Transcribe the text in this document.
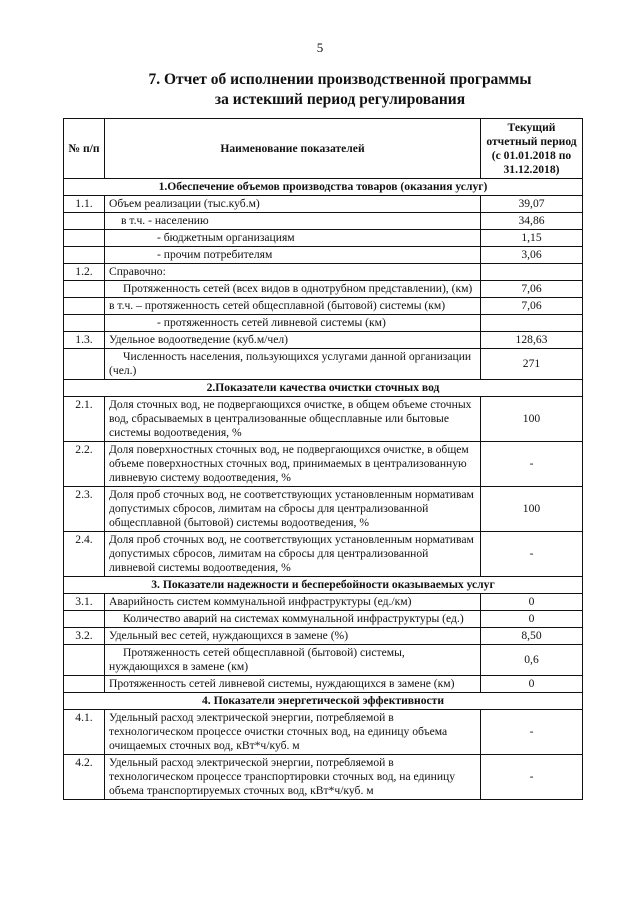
5
7. Отчет об исполнении производственной программы
за истекший период регулирования
№ п/п	Наименование показателей	Текущий отчетный период (с 01.01.2018 по 31.12.2018)
1.Обеспечение объемов производства товаров (оказания услуг)		
1.1.	Объем реализации (тыс.куб.м)	39,07
	в т.ч. - населению	34,86
	- бюджетным организациям	1,15
	- прочим потребителям	3,06
1.2.	Справочно:	
	Протяженность сетей (всех видов в однотрубном представлении), (км)	7,06
	в т.ч. – протяженность сетей общесплавной (бытовой) системы (км)	7,06
	- протяженность сетей ливневой системы (км)	
1.3.	Удельное водоотведение (куб.м/чел)	128,63
	Численность населения, пользующихся услугами данной организации (чел.)	271
2.Показатели качества очистки сточных вод		
2.1.	Доля сточных вод, не подвергающихся очистке, в общем объеме сточных вод, сбрасываемых в централизованные общесплавные или бытовые системы водоотведения, %	100
2.2.	Доля поверхностных сточных вод, не подвергающихся очистке, в общем объеме поверхностных сточных вод, принимаемых в централизованную ливневую систему водоотведения, %	-
2.3.	Доля проб сточных вод, не соответствующих установленным нормативам допустимых сбросов, лимитам на сбросы для централизованной общесплавной (бытовой) системы водоотведения, %	100
2.4.	Доля проб сточных вод, не соответствующих установленным нормативам допустимых сбросов, лимитам на сбросы для централизованной ливневой системы водоотведения, %	-
3. Показатели надежности и бесперебойности оказываемых услуг		
3.1.	Аварийность систем коммунальной инфраструктуры (ед./км)	0
	Количество аварий на системах коммунальной инфраструктуры (ед.)	0
3.2.	Удельный вес сетей, нуждающихся в замене (%)	8,50
	Протяженность сетей общесплавной (бытовой) системы, нуждающихся в замене (км)	0,6
	Протяженность сетей ливневой системы, нуждающихся в замене (км)	0
4. Показатели энергетической эффективности		
4.1.	Удельный расход электрической энергии, потребляемой в технологическом процессе очистки сточных вод, на единицу объема очищаемых сточных вод, кВт*ч/куб. м	-
4.2.	Удельный расход электрической энергии, потребляемой в технологическом процессе транспортировки сточных вод, на единицу объема транспортируемых сточных вод, кВт*ч/куб. м	-
